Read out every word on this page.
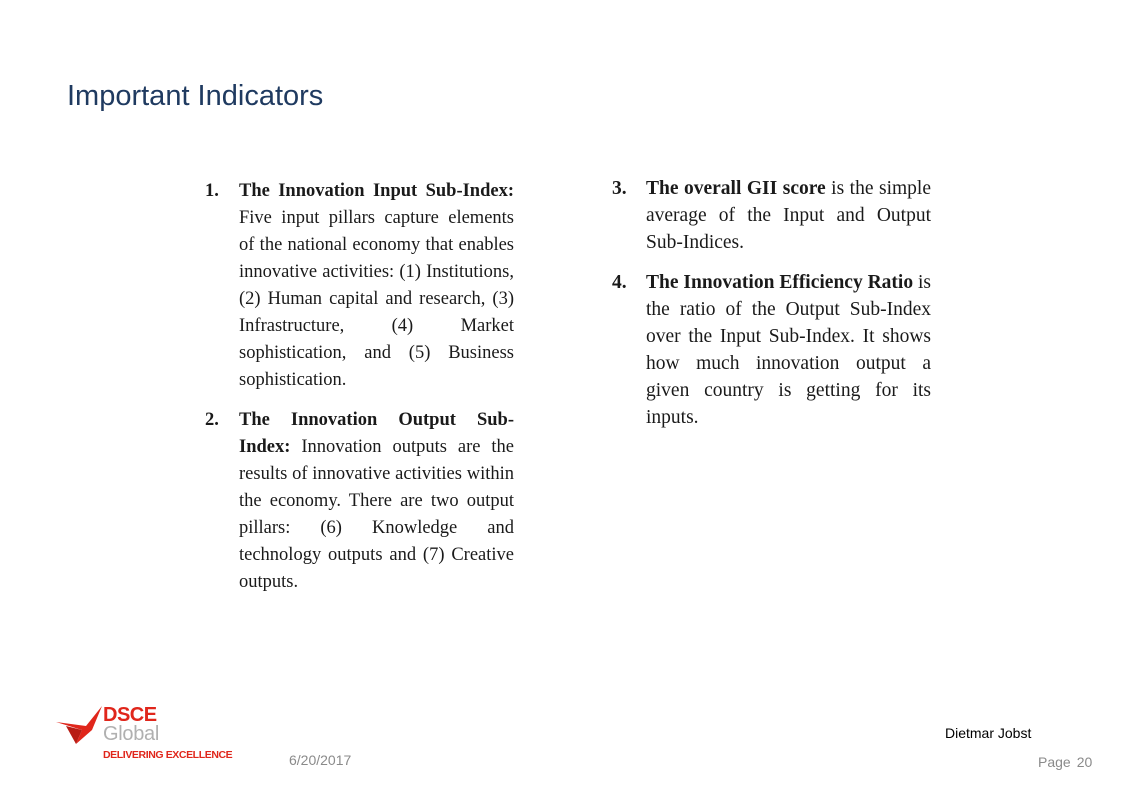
Important Indicators
1.	The Innovation Input Sub-Index: Five input pillars capture elements of the national economy that enables innovative activities: (1) Institutions, (2) Human capital and research, (3) Infrastructure, (4) Market sophistication, and (5) Business sophistication.
2.	The Innovation Output Sub-Index: Innovation outputs are the results of innovative activities within the economy. There are two output pillars: (6) Knowledge and technology outputs and (7) Creative outputs.
3. The overall GII score is the simple average of the Input and Output Sub-Indices.
4. The Innovation Efficiency Ratio is the ratio of the Output Sub-Index over the Input Sub-Index. It shows how much innovation output a given country is getting for its inputs.
DSCE
Global
DELIVERING EXCELLENCE	6/20/2017
Dietmar Jobst
Page 20
